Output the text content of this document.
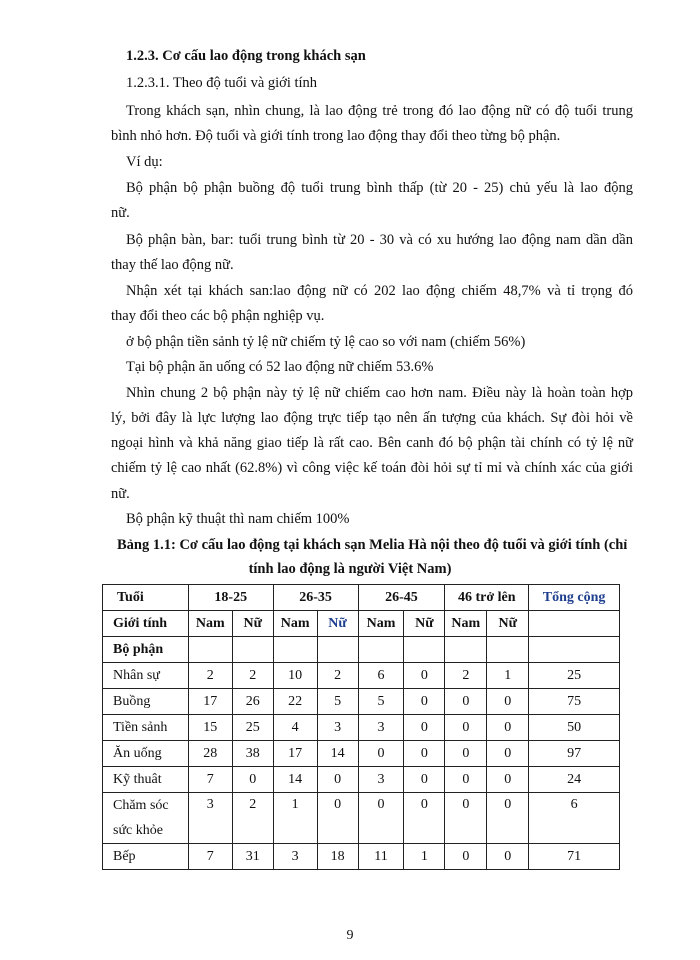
1.2.3. Cơ cấu lao động trong khách sạn
1.2.3.1. Theo độ tuổi và giới tính
Trong khách sạn, nhìn chung, là lao động trẻ trong đó lao động nữ có độ tuổi trung
bình nhỏ hơn. Độ tuổi và giới tính trong lao động thay đổi theo từng bộ phận.
Ví dụ:
Bộ phận bộ phận buồng độ tuổi trung bình thấp (từ 20 - 25) chủ yếu là lao động
nữ.
Bộ phận bàn, bar: tuổi trung bình từ 20 - 30 và có xu hướng lao động nam dần dần
thay thế lao động nữ.
Nhận xét tại khách san:lao động nữ có 202 lao động chiếm 48,7% và tỉ trọng đó
thay đổi theo các bộ phận nghiệp vụ.
ở bộ phận tiền sảnh tỷ lệ nữ chiếm tỷ lệ cao so với nam (chiếm 56%)
Tại bộ phận ăn uống có 52 lao động nữ chiếm 53.6%
Nhìn chung 2 bộ phận này tỷ lệ nữ chiếm cao hơn nam. Điều này là hoàn toàn hợp
lý, bởi đây là lực lượng lao động trực tiếp tạo nên ấn tượng của khách. Sự đòi hỏi về
ngoại hình và khả năng giao tiếp là rất cao. Bên canh đó bộ phận tài chính có tỷ lệ nữ
chiếm tỷ lệ cao nhất (62.8%) vì công việc kế toán đòi hỏi sự tỉ mỉ và chính xác của giới
nữ.
Bộ phận kỹ thuật thì nam chiếm 100%
Bảng 1.1: Cơ cấu lao động tại khách sạn Melia Hà nội theo độ tuổi và giới tính (chỉ
tính lao động là người Việt Nam)
Tuổi	18-25		26-35		26-45		46 trở lên		Tổng cộng
Giới tính	Nam	Nữ	Nam	Nữ	Nam	Nữ	Nam	Nữ	
Bộ phận									
Nhân sự	2	2	10	2	6	0	2	1	25
Buồng	17	26	22	5	5	0	0	0	75
Tiền sảnh	15	25	4	3	3	0	0	0	50
Ăn uống	28	38	17	14	0	0	0	0	97
Kỹ thuât	7	0	14	0	3	0	0	0	24

Chăm sóc
sức khỏe	3	2	1	0	0	0	0	0	6
Bếp	7	31	3	18	11	1	0	0	71
9
